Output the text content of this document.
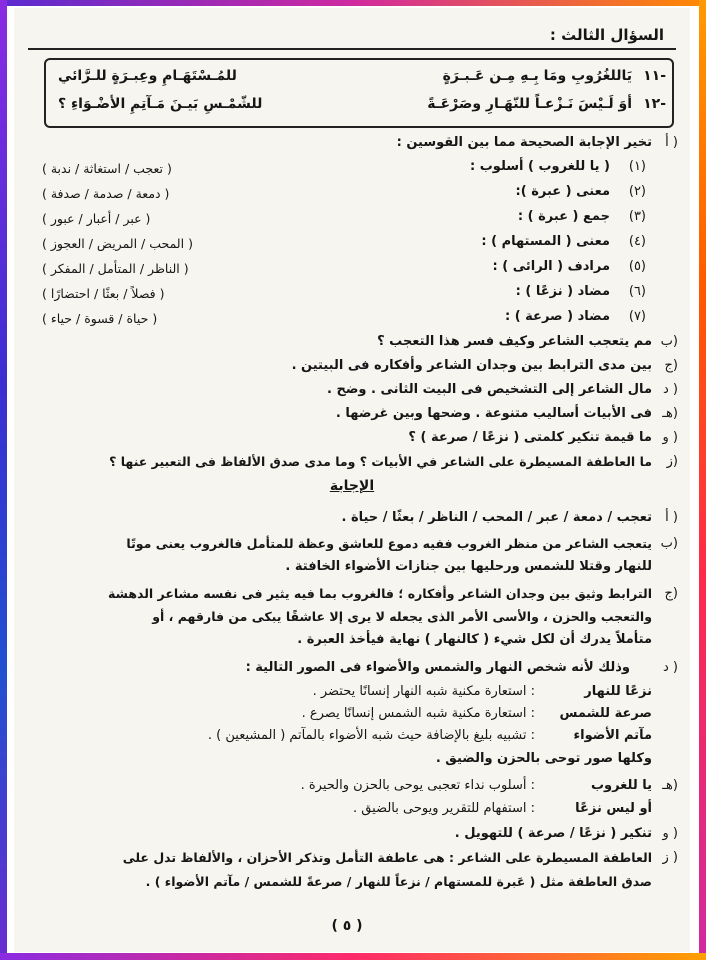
السؤال الثالث :
١١-
يَاللغُرُوبِ ومَا بِـهِ مِـن عَـبـرَةٍ
للمُـسْتَهَـامِ وعِبـرَةٍ للـرَّائي
١٢-
أوَ لَـيْسَ نَـزْعـاً للنّهَـارِ وصَرْعَـةً
للشّمْـسِ بَيـنَ مَـآتِمِ الأضْـوَاءِ ؟
أ )
تخير الإجابة الصحيحة مما بين القوسين :
(١)
( يا للغروب ) أسلوب :
( تعجب / استغاثة / ندبة )
(٢)
معنى ( عبرة ):
( دمعة / صدمة / صدفة )
(٣)
جمع ( عبرة ) :
( عبر / أعبار / عبور )
(٤)
معنى ( المستهام ) :
( المحب / المريض / العجوز )
(٥)
مرادف ( الرائى ) :
( الناظر / المتأمل / المفكر )
(٦)
مضاد ( نزعًا ) :
( فصلاً / بعثًا / احتضارًا )
(٧)
مضاد ( صرعة ) :
( حياة / قسوة / حياء )
ب)
مم يتعجب الشاعر وكيف فسر هذا التعجب ؟
ج)
بين مدى الترابط بين وجدان الشاعر وأفكاره فى البيتين .
د )
مال الشاعر إلى التشخيص فى البيت الثانى . وضح .
هـ)
فى الأبيات أساليب متنوعة . وضحها وبين غرضها .
و )
ما قيمة تنكير كلمتى ( نزعًا / صرعة ) ؟
ز)
ما العاطفة المسيطرة على الشاعر في الأبيات ؟ وما مدى صدق الألفاظ فى التعبير عنها ؟
الإجابة
أ )
تعجب / دمعة / عبر / المحب / الناظر / بعثًا / حياة .
ب)
يتعجب الشاعر من منظر الغروب ففيه دموع للعاشق وعظة للمتأمل فالغروب يعنى موتًا
للنهار وقتلا للشمس ورحليها بين جنازات الأضواء الخافتة .
ج)
الترابط وثيق بين وجدان الشاعر وأفكاره ؛ فالغروب بما فيه يثير فى نفسه مشاعر الدهشة
والتعجب والحزن ، والأسى الأمر الذى يجعله لا يرى إلا عاشقًا يبكى من فارقهم ، أو
متأملاً يدرك أن لكل شيء ( كالنهار ) نهاية فيأخذ العبرة .
د )
وذلك لأنه شخص النهار والشمس والأضواء فى الصور التالية :
نزعًا للنهار
: استعارة مكنية شبه النهار إنسانًا يحتضر .
صرعة للشمس
: استعارة مكنية شبه الشمس إنسانًا يصرع .
مآتم الأضواء
: تشبيه بليغ بالإضافة حيث شبه الأضواء بالمآتم ( المشيعين ) .
وكلها صور توحى بالحزن والضيق .
هـ)
يا للغروب
: أسلوب نداء تعجبى يوحى بالحزن والحيرة .
أو ليس نزعًا
: استفهام للتقرير ويوحى بالضيق .
و )
تنكير ( نزعًا / صرعة ) للتهويل .
ز )
العاطفة المسيطرة على الشاعر : هى عاطفة التأمل وتذكر الأحزان ، والألفاظ تدل على
صدق العاطفة مثل ( عَبرة للمستهام / نزعاً للنهار / صرعةً للشمس / مآتم الأضواء ) .
( ٥ )
